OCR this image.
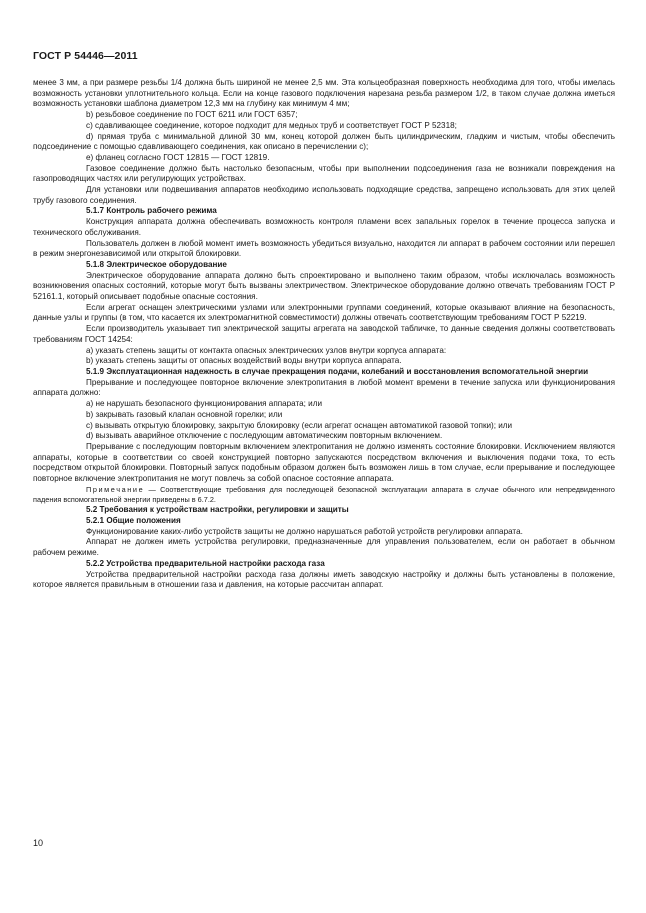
ГОСТ Р 54446—2011

менее 3 мм, а при размере резьбы 1/4 должна быть шириной не менее 2,5 мм. Эта кольцеобразная поверхность необходима для того, чтобы имелась возможность установки уплотнительного кольца. Если на конце газового подключения нарезана резьба размером 1/2, в таком случае должна иметься возможность установки шаблона диаметром 12,3 мм на глубину как минимум 4 мм;

b) резьбовое соединение по ГОСТ 6211 или ГОСТ 6357;

c) сдавливающее соединение, которое подходит для медных труб и соответствует ГОСТ Р 52318;

d) прямая труба с минимальной длиной 30 мм, конец которой должен быть цилиндрическим, гладким и чистым, чтобы обеспечить подсоединение с помощью сдавливающего соединения, как описано в перечислении c);

e) фланец согласно ГОСТ 12815 — ГОСТ 12819.

Газовое соединение должно быть настолько безопасным, чтобы при выполнении подсоединения газа не возникали повреждения на газопроводящих частях или регулирующих устройствах.

Для установки или подвешивания аппаратов необходимо использовать подходящие средства, запрещено использовать для этих целей трубу газового соединения.

5.1.7 Контроль рабочего режима

Конструкция аппарата должна обеспечивать возможность контроля пламени всех запальных горелок в течение процесса запуска и технического обслуживания.

Пользователь должен в любой момент иметь возможность убедиться визуально, находится ли аппарат в рабочем состоянии или перешел в режим энергонезависимой или открытой блокировки.

5.1.8 Электрическое оборудование

Электрическое оборудование аппарата должно быть спроектировано и выполнено таким образом, чтобы исключалась возможность возникновения опасных состояний, которые могут быть вызваны электричеством. Электрическое оборудование должно отвечать требованиям ГОСТ Р 52161.1, который описывает подобные опасные состояния.

Если агрегат оснащен электрическими узлами или электронными группами соединений, которые оказывают влияние на безопасность, данные узлы и группы (в том, что касается их электромагнитной совместимости) должны отвечать соответствующим требованиям ГОСТ Р 52219.

Если производитель указывает тип электрической защиты агрегата на заводской табличке, то данные сведения должны соответствовать требованиям ГОСТ 14254:

а) указать степень защиты от контакта опасных электрических узлов внутри корпуса аппарата:

b) указать степень защиты от опасных воздействий воды внутри корпуса аппарата.

5.1.9 Эксплуатационная надежность в случае прекращения подачи, колебаний и восстановления вспомогательной энергии

Прерывание и последующее повторное включение электропитания в любой момент времени в течение запуска или функционирования аппарата должно:

а) не нарушать безопасного функционирования аппарата; или

b) закрывать газовый клапан основной горелки; или

c) вызывать открытую блокировку, закрытую блокировку (если агрегат оснащен автоматикой газовой топки); или

d) вызывать аварийное отключение с последующим автоматическим повторным включением.

Прерывание с последующим повторным включением электропитания не должно изменять состояние блокировки. Исключением являются аппараты, которые в соответствии со своей конструкцией повторно запускаются посредством включения и выключения подачи тока, то есть посредством открытой блокировки. Повторный запуск подобным образом должен быть возможен лишь в том случае, если прерывание и последующее повторное включение электропитания не могут повлечь за собой опасное состояние аппарата.

Примечание — Соответствующие требования для последующей безопасной эксплуатации аппарата в случае обычного или непредвиденного падения вспомогательной энергии приведены в 6.7.2.

5.2 Требования к устройствам настройки, регулировки и защиты

5.2.1 Общие положения

Функционирование каких-либо устройств защиты не должно нарушаться работой устройств регулировки аппарата.

Аппарат не должен иметь устройства регулировки, предназначенные для управления пользователем, если он работает в обычном рабочем режиме.

5.2.2 Устройства предварительной настройки расхода газа

Устройства предварительной настройки расхода газа должны иметь заводскую настройку и должны быть установлены в положение, которое является правильным в отношении газа и давления, на которые рассчитан аппарат.

10
